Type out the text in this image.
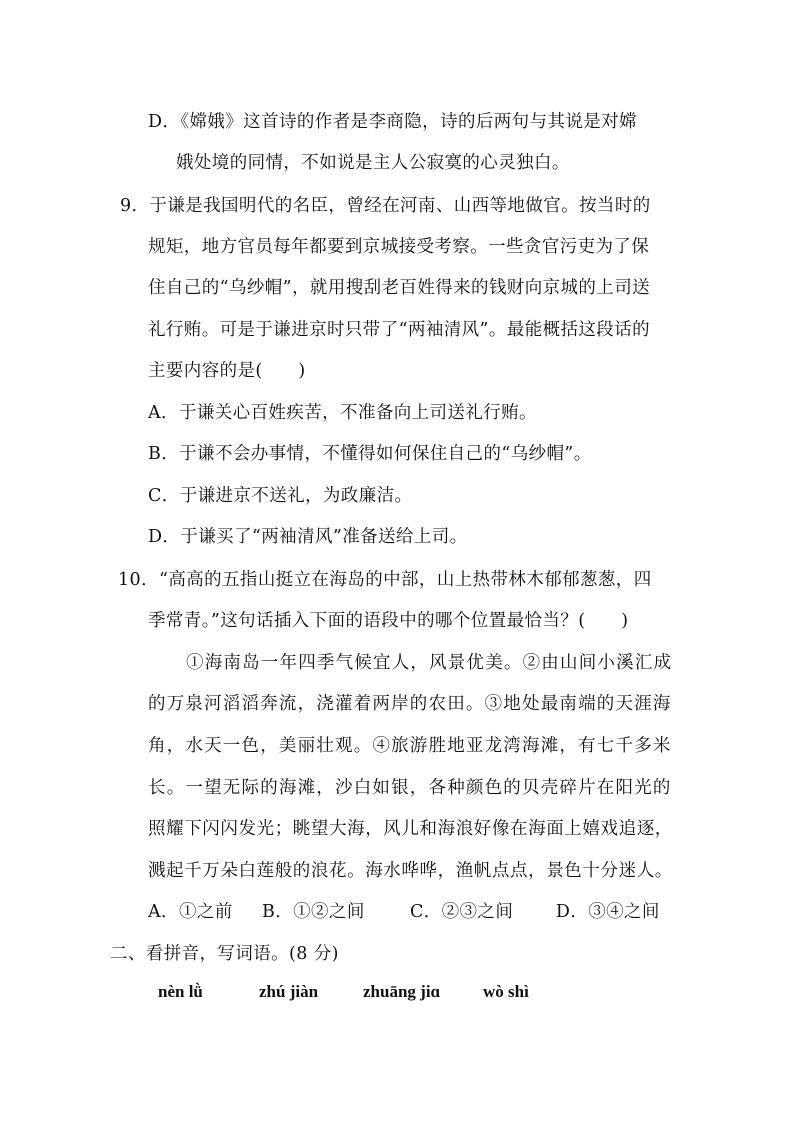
D．《嫦娥》这首诗的作者是李商隐，诗的后两句与其说是对嫦
娥处境的同情，不如说是主人公寂寞的心灵独白。
9．于谦是我国明代的名臣，曾经在河南、山西等地做官。按当时的
规矩，地方官员每年都要到京城接受考察。一些贪官污吏为了保
住自己的“乌纱帽”，就用搜刮老百姓得来的钱财向京城的上司送
礼行贿。可是于谦进京时只带了“两袖清风”。最能概括这段话的
主要内容的是(　　)
A．于谦关心百姓疾苦，不准备向上司送礼行贿。
B．于谦不会办事情，不懂得如何保住自己的“乌纱帽”。
C．于谦进京不送礼，为政廉洁。
D．于谦买了“两袖清风”准备送给上司。
10．“高高的五指山挺立在海岛的中部，山上热带林木郁郁葱葱，四
季常青。”这句话插入下面的语段中的哪个位置最恰当？(　　)
①海南岛一年四季气候宜人，风景优美。②由山间小溪汇成
的万泉河滔滔奔流，浇灌着两岸的农田。③地处最南端的天涯海
角，水天一色，美丽壮观。④旅游胜地亚龙湾海滩，有七千多米
长。一望无际的海滩，沙白如银，各种颜色的贝壳碎片在阳光的
照耀下闪闪发光；眺望大海，风儿和海浪好像在海面上嬉戏追逐，
溅起千万朵白莲般的浪花。海水哗哗，渔帆点点，景色十分迷人。
A．①之前 B．①②之间	C．②③之间 D．③④之间
二、看拼音，写词语。(8 分)
nèn lǜ	zhú jiàn	zhuāng jiɑ	wò shì
